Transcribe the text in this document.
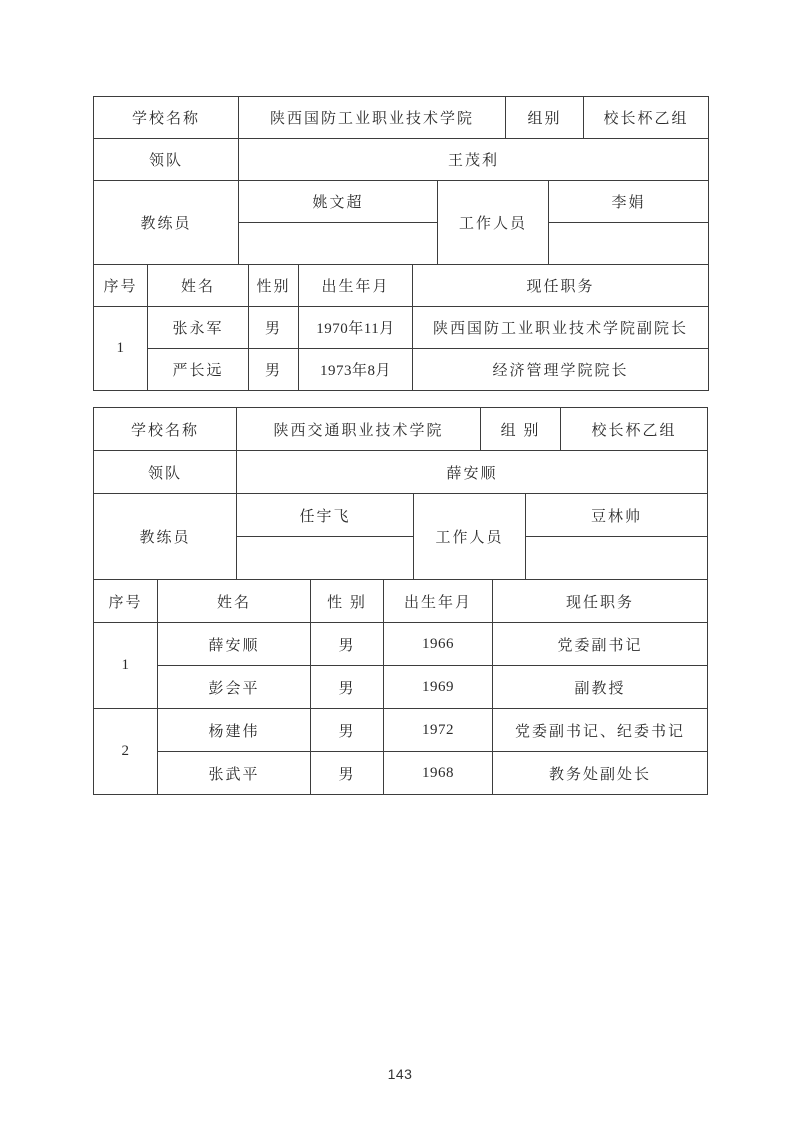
学校名称		陕西国防工业职业技术学院					组别		校长杯乙组
领队		王茂利							
教练员		姚文超				工作人员		李娟	

序号	姓名		性别	出生年月	现任职务				
1	张永军		男	1970年11月	陕西国防工业职业技术学院副院长				
	严长远		男	1973年8月	经济管理学院院长				
学校名称		陕西交通职业技术学院				组 别			校长杯乙组
领队		薛安顺							
教练员		任宇飞			工作人员			豆林帅	

序号	姓名		性 别	出生年月			现任职务		
1	薛安顺		男	1966			党委副书记		
	彭会平		男	1969			副教授		
2	杨建伟		男	1972			党委副书记、纪委书记		
	张武平		男	1968			教务处副处长		
143
